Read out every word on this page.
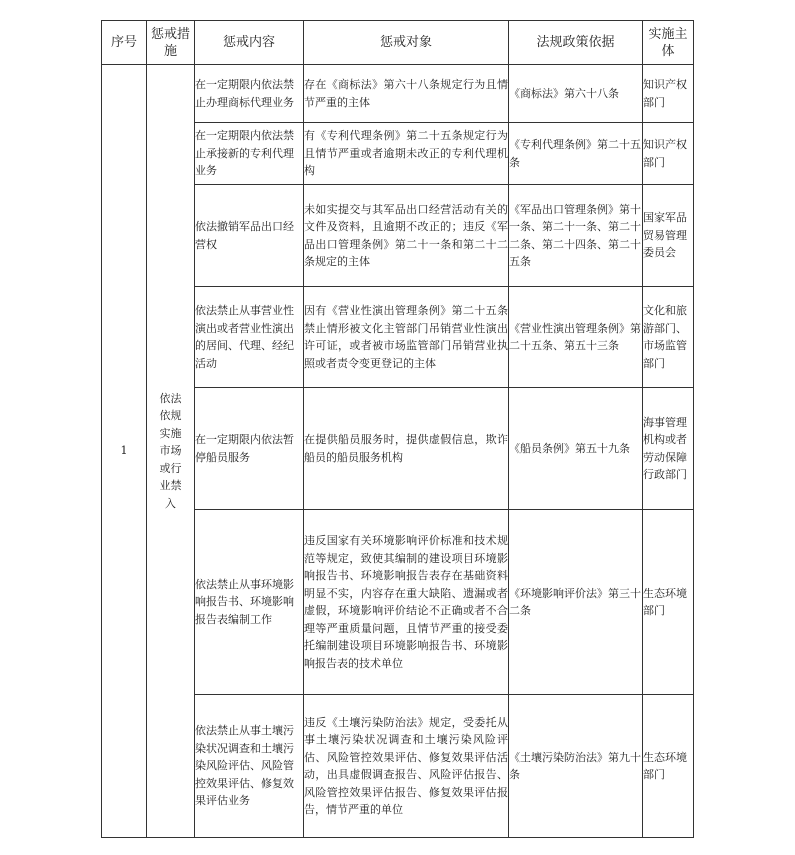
序号	惩戒措施	惩戒内容	惩戒对象	法规政策依据	实施主体
1	依法依规实施市场或行业禁入	在一定期限内依法禁止办理商标代理业务	存在《商标法》第六十八条规定行为且情节严重的主体	《商标法》第六十八条	知识产权部门
		在一定期限内依法禁止承接新的专利代理业务	有《专利代理条例》第二十五条规定行为且情节严重或者逾期未改正的专利代理机构	《专利代理条例》第二十五条	知识产权部门
		依法撤销军品出口经营权	未如实提交与其军品出口经营活动有关的文件及资料，且逾期不改正的；违反《军品出口管理条例》第二十一条和第二十二条规定的主体	《军品出口管理条例》第十一条、第二十一条、第二十二条、第二十四条、第二十五条	国家军品贸易管理委员会
		依法禁止从事营业性演出或者营业性演出的居间、代理、经纪活动	因有《营业性演出管理条例》第二十五条禁止情形被文化主管部门吊销营业性演出许可证，或者被市场监管部门吊销营业执照或者责令变更登记的主体	《营业性演出管理条例》第二十五条、第五十三条	文化和旅游部门、市场监管部门
		在一定期限内依法暂停船员服务	在提供船员服务时，提供虚假信息，欺诈船员的船员服务机构	《船员条例》第五十九条	海事管理机构或者劳动保障行政部门
		依法禁止从事环境影响报告书、环境影响报告表编制工作	违反国家有关环境影响评价标准和技术规范等规定，致使其编制的建设项目环境影响报告书、环境影响报告表存在基础资料明显不实，内容存在重大缺陷、遗漏或者虚假，环境影响评价结论不正确或者不合理等严重质量问题，且情节严重的接受委托编制建设项目环境影响报告书、环境影响报告表的技术单位	《环境影响评价法》第三十二条	生态环境部门
		依法禁止从事土壤污染状况调查和土壤污染风险评估、风险管控效果评估、修复效果评估业务	违反《土壤污染防治法》规定，受委托从事土壤污染状况调查和土壤污染风险评估、风险管控效果评估、修复效果评估活动，出具虚假调查报告、风险评估报告、风险管控效果评估报告、修复效果评估报告，情节严重的单位	《土壤污染防治法》第九十条	生态环境部门
